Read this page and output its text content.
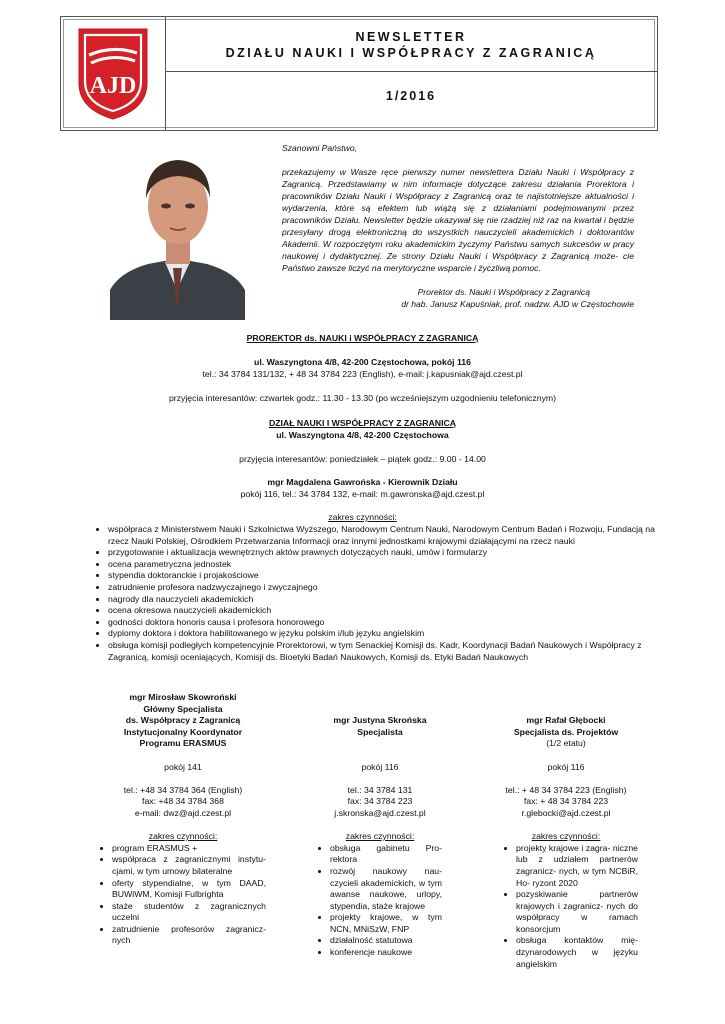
AJD
NEWSLETTER
DZIAŁU NAUKI I WSPÓŁPRACY Z ZAGRANICĄ
1/2016

Szanowni Państwo,

przekazujemy w Wasze ręce pierwszy numer newslettera Działu Nauki i Współpracy z Zagranicą. Przedstawiamy w nim informacje dotyczące zakresu działania Prorektora i pracowników Działu Nauki i Współpracy z Zagranicą oraz te najistotniejsze aktualności i wydarzenia, które są efektem lub wiążą się z działaniami podejmowanymi przez pracowników Działu. Newsletter będzie ukazywał się nie rzadziej niż raz na kwartał i będzie przesyłany drogą elektroniczną do wszystkich nauczycieli akademickich i doktorantów Akademii. W rozpoczętym roku akademickim życzymy Państwu samych sukcesów w pracy naukowej i dydaktycznej. Ze strony Działu Nauki i Współpracy z Zagranicą może- cie Państwo zawsze liczyć na merytoryczne wsparcie i życzliwą pomoc.

Prorektor ds. Nauki i Współpracy z Zagranicą

dr hab. Janusz Kapuśniak, prof. nadzw. AJD w Częstochowie

PROREKTOR ds. NAUKI i WSPÓŁPRACY Z ZAGRANICĄ
ul. Waszyngtona 4/8, 42-200 Częstochowa, pokój 116
tel.: 34 3784 131/132, + 48 34 3784 223 (English), e-mail: j.kapusniak@ajd.czest.pl
przyjęcia interesantów: czwartek godz.: 11.30 - 13.30 (po wcześniejszym uzgodnieniu telefonicznym)
DZIAŁ NAUKI I WSPÓŁPRACY Z ZAGRANICĄ
ul. Waszyngtona 4/8, 42-200 Częstochowa
przyjęcia interesantów: poniedziałek – piątek godz.: 9.00 - 14.00
mgr Magdalena Gawrońska - Kierownik Działu
pokój 116, tel.: 34 3784 132, e-mail: m.gawronska@ajd.czest.pl
zakres czynności:
• współpraca z Ministerstwem Nauki i Szkolnictwa Wyższego, Narodowym Centrum Nauki, Narodowym Centrum Badań i Rozwoju, Fundacją na rzecz Nauki Polskiej, Ośrodkiem Przetwarzania Informacji oraz innymi jednostkami krajowymi działającymi na rzecz nauki
• przygotowanie i aktualizacja wewnętrznych aktów prawnych dotyczących nauki, umów i formularzy
• ocena parametryczna jednostek
• stypendia doktoranckie i projakościowe
• zatrudnienie profesora nadzwyczajnego i zwyczajnego
• nagrody dla nauczycieli akademickich
• ocena okresowa nauczycieli akademickich
• godności doktora honoris causa i profesora honorowego
• dyplomy doktora i doktora habilitowanego w języku polskim i/lub języku angielskim
• obsługa komisji podległych kompetencyjnie Prorektorowi, w tym Senackiej Komisji ds. Kadr, Koordynacji Badań Naukowych i Współpracy z Zagranicą, komisji oceniających, Komisji ds. Bioetyki Badań Naukowych, Komisji ds. Etyki Badań Naukowych
mgr Mirosław Skowroński
Główny Specjalista
ds. Współpracy z Zagranicą
Instytucjonalny Koordynator
Programu ERASMUS
pokój 141
tel.: +48 34 3784 364 (English)
fax: +48 34 3784 368
e-mail: dwz@ajd.czest.pl
zakres czynności:
• program ERASMUS +
• współpraca z zagranicznymi instytu- cjami, w tym umowy bilateralne
• oferty stypendialne, w tym DAAD, BUWiWM, Komisji Fulbrighta
• staże studentów z zagranicznych uczelni
• zatrudnienie profesorów zagranicz- nych
mgr Justyna Skrońska
Specjalista
pokój 116
tel.: 34 3784 131
fax: 34 3784 223
j.skronska@ajd.czest.pl
zakres czynności:
• obsługa gabinetu Pro- rektora
• rozwój naukowy nau- czycieli akademickich, w tym awanse naukowe, urlopy, stypendia, staże krajowe
• projekty krajowe, w tym NCN, MNiSzW, FNP
• działalność statutowa
• konferencje naukowe
mgr Rafał Głębocki
Specjalista ds. Projektów
(1/2 etatu)
pokój 116
tel.: + 48 34 3784 223 (English)
fax: + 48 34 3784 223
r.glebocki@ajd.czest.pl
zakres czynności:
• projekty krajowe i zagra- niczne lub z udziałem partnerów zagranicz- nych, w tym NCBiR, Ho- ryzont 2020
• pozyskiwanie partnerów krajowych i zagranicz- nych do współpracy w ramach konsorcjum
• obsługa kontaktów mię- dzynarodowych w języku angielskim
